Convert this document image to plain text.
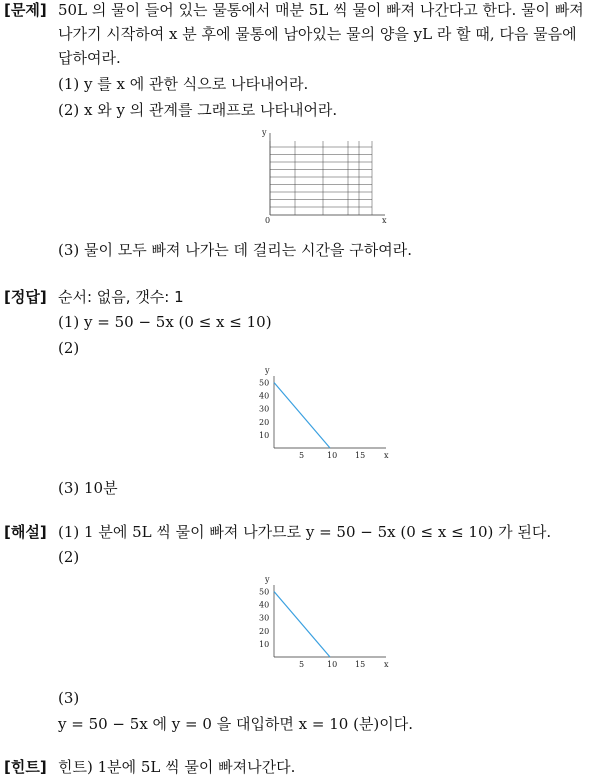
[문제] 50L 의 물이 들어 있는 물통에서 매분 5L 씩 물이 빠져 나간다고 한다. 물이 빠져
나가기 시작하여 x 분 후에 물통에 남아있는 물의 양을 yL 라 할 때, 다음 물음에
답하여라.
(1) y 를 x 에 관한 식으로 나타내어라.
(2) x 와 y 의 관계를 그래프로 나타내어라.
y
x
0
(3) 물이 모두 빠져 나가는 데 걸리는 시간을 구하여라.
[정답] 순서: 없음, 갯수: 1
(1) y = 50 − 5x (0 ≤ x ≤ 10)
(2)
10
20
30
40
50
5	10 15
y
x
(3) 10분
[해설] (1) 1 분에 5L 씩 물이 빠져 나가므로 y = 50 − 5x (0 ≤ x ≤ 10) 가 된다.
(2)
10
20
30
40
50
5	10 15
y
x
(3)
y = 50 − 5x 에 y = 0 을 대입하면 x = 10 (분)이다.
[힌트] 힌트) 1분에 5L 씩 물이 빠져나간다.
